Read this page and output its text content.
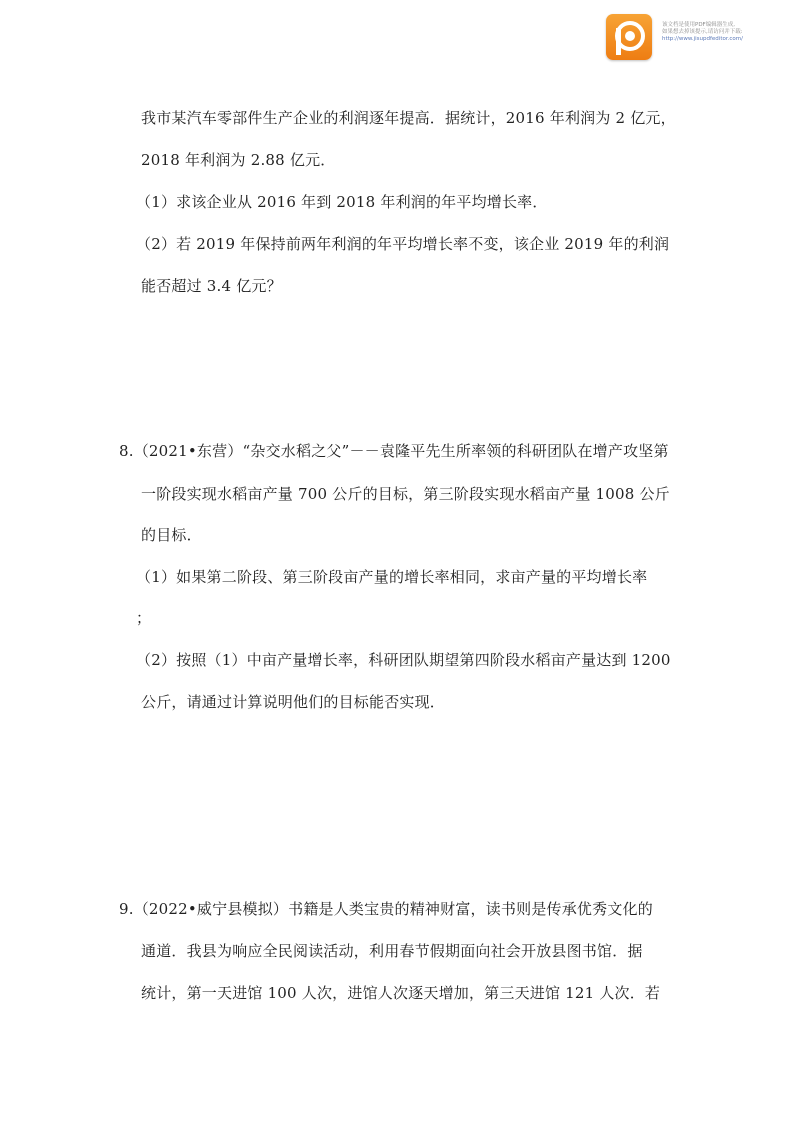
该文档是使用PDF编辑器生成,
如果想去掉该提示,请访问并下载:
http://www.jisupdfeditor.com/
我市某汽车零部件生产企业的利润逐年提高．据统计，2016 年利润为 2 亿元，
2018 年利润为 2.88 亿元．
（1）求该企业从 2016 年到 2018 年利润的年平均增长率．
（2）若 2019 年保持前两年利润的年平均增长率不变，该企业 2019 年的利润
能否超过 3.4 亿元？
8.（2021•东营）“杂交水稻之父”－－袁隆平先生所率领的科研团队在增产攻坚第
一阶段实现水稻亩产量 700 公斤的目标，第三阶段实现水稻亩产量 1008 公斤
的目标．
（1）如果第二阶段、第三阶段亩产量的增长率相同，求亩产量的平均增长率
；
（2）按照（1）中亩产量增长率，科研团队期望第四阶段水稻亩产量达到 1200
公斤，请通过计算说明他们的目标能否实现．
9.（2022•威宁县模拟）书籍是人类宝贵的精神财富，读书则是传承优秀文化的
通道．我县为响应全民阅读活动，利用春节假期面向社会开放县图书馆．据
统计，第一天进馆 100 人次，进馆人次逐天增加，第三天进馆 121 人次．若
